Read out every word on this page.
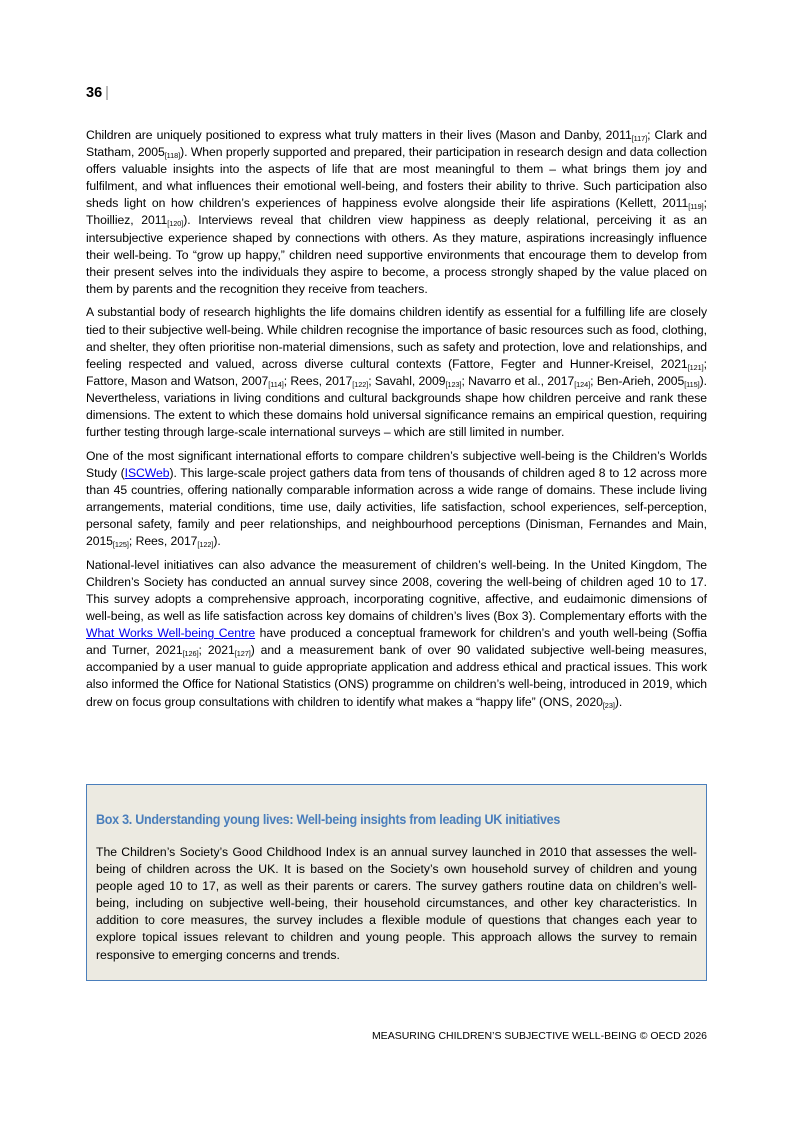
36 |

Children are uniquely positioned to express what truly matters in their lives (Mason and Danby, 2011[117]; Clark and Statham, 2005[118]). When properly supported and prepared, their participation in research design and data collection offers valuable insights into the aspects of life that are most meaningful to them – what brings them joy and fulfilment, and what influences their emotional well-being, and fosters their ability to thrive. Such participation also sheds light on how children’s experiences of happiness evolve alongside their life aspirations (Kellett, 2011[119]; Thoilliez, 2011[120]). Interviews reveal that children view happiness as deeply relational, perceiving it as an intersubjective experience shaped by connections with others. As they mature, aspirations increasingly influence their well-being. To “grow up happy,” children need supportive environments that encourage them to develop from their present selves into the individuals they aspire to become, a process strongly shaped by the value placed on them by parents and the recognition they receive from teachers.

A substantial body of research highlights the life domains children identify as essential for a fulfilling life are closely tied to their subjective well-being. While children recognise the importance of basic resources such as food, clothing, and shelter, they often prioritise non-material dimensions, such as safety and protection, love and relationships, and feeling respected and valued, across diverse cultural contexts (Fattore, Fegter and Hunner-Kreisel, 2021[121]; Fattore, Mason and Watson, 2007[114]; Rees, 2017[122]; Savahl, 2009[123]; Navarro et al., 2017[124]; Ben-Arieh, 2005[115]). Nevertheless, variations in living conditions and cultural backgrounds shape how children perceive and rank these dimensions. The extent to which these domains hold universal significance remains an empirical question, requiring further testing through large-scale international surveys – which are still limited in number.

One of the most significant international efforts to compare children’s subjective well-being is the Children’s Worlds Study (ISCWeb). This large-scale project gathers data from tens of thousands of children aged 8 to 12 across more than 45 countries, offering nationally comparable information across a wide range of domains. These include living arrangements, material conditions, time use, daily activities, life satisfaction, school experiences, self-perception, personal safety, family and peer relationships, and neighbourhood perceptions (Dinisman, Fernandes and Main, 2015[125]; Rees, 2017[122]).

National-level initiatives can also advance the measurement of children’s well-being. In the United Kingdom, The Children’s Society has conducted an annual survey since 2008, covering the well-being of children aged 10 to 17. This survey adopts a comprehensive approach, incorporating cognitive, affective, and eudaimonic dimensions of well-being, as well as life satisfaction across key domains of children’s lives (Box 3). Complementary efforts with the What Works Well-being Centre have produced a conceptual framework for children’s and youth well-being (Soffia and Turner, 2021[126]; 2021[127]) and a measurement bank of over 90 validated subjective well-being measures, accompanied by a user manual to guide appropriate application and address ethical and practical issues. This work also informed the Office for National Statistics (ONS) programme on children’s well-being, introduced in 2019, which drew on focus group consultations with children to identify what makes a “happy life” (ONS, 2020[23]).

Box 3. Understanding young lives: Well-being insights from leading UK initiatives
The Children’s Society’s Good Childhood Index is an annual survey launched in 2010 that assesses the well-being of children across the UK. It is based on the Society’s own household survey of children and young people aged 10 to 17, as well as their parents or carers. The survey gathers routine data on children’s well-being, including on subjective well-being, their household circumstances, and other key characteristics. In addition to core measures, the survey includes a flexible module of questions that changes each year to explore topical issues relevant to children and young people. This approach allows the survey to remain responsive to emerging concerns and trends.
MEASURING CHILDREN’S SUBJECTIVE WELL-BEING © OECD 2026
